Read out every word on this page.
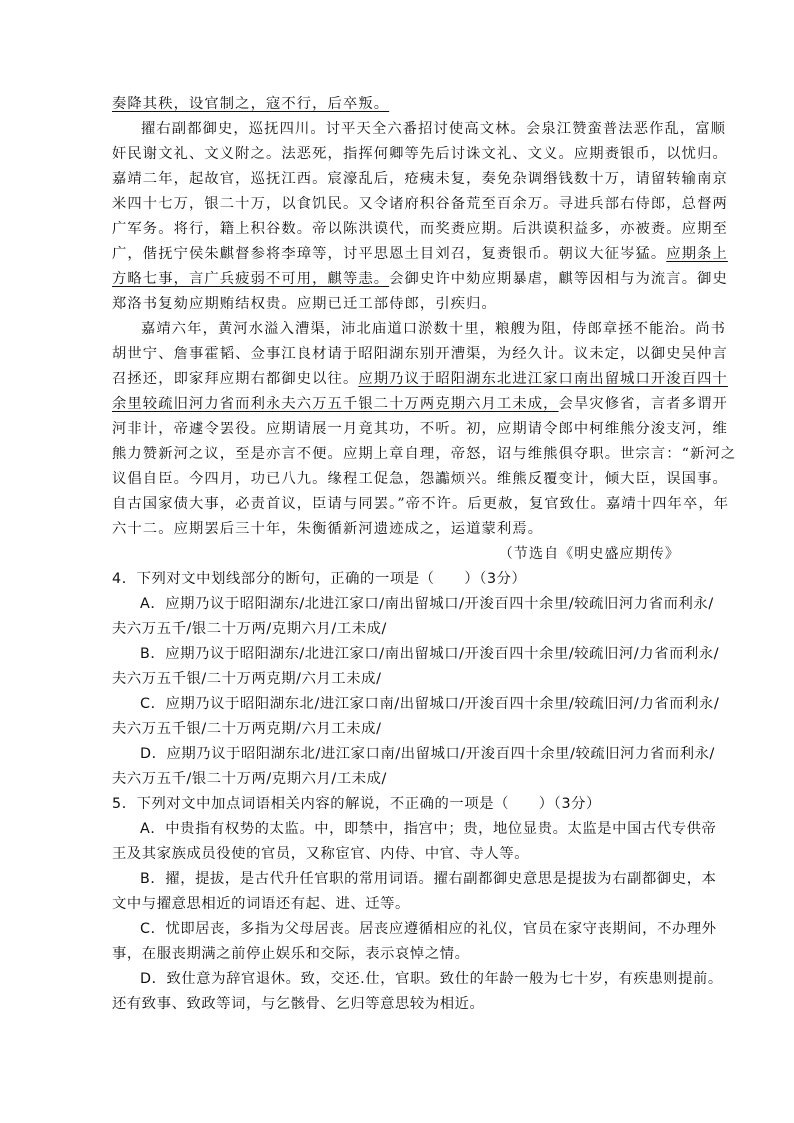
奏降其秩，设官制之，寇不行，后卒叛。
擢右副都御史，巡抚四川。讨平天全六番招讨使高文林。会泉江赞蛮普法恶作乱，富顺
奸民谢文礼、文义附之。法恶死，指挥何卿等先后讨诛文礼、文义。应期赉银币，以忧归。
嘉靖二年，起故官，巡抚江西。宸濠乱后，疮痍未复，奏免杂调缗钱数十万，请留转输南京
米四十七万，银二十万，以食饥民。又令诸府积谷备荒至百余万。寻进兵部右侍郎，总督两
广军务。将行，籍上积谷数。帝以陈洪谟代，而奖赉应期。后洪谟积益多，亦被赉。应期至
广，偕抚宁侯朱麒督参将李璋等，讨平思恩土目刘召，复赉银币。朝议大征岑猛。应期条上
方略七事，言广兵疲弱不可用，麒等恚。会御史许中劾应期暴虐，麒等因相与为流言。御史
郑洛书复劾应期贿结权贵。应期已迁工部侍郎，引疾归。
嘉靖六年，黄河水溢入漕渠，沛北庙道口淤数十里，粮艘为阻，侍郎章拯不能治。尚书
胡世宁、詹事霍韬、佥事江良材请于昭阳湖东别开漕渠，为经久计。议未定，以御史吴仲言
召拯还，即家拜应期右都御史以往。应期乃议于昭阳湖东北进江家口南出留城口开浚百四十
余里较疏旧河力省而利永夫六万五千银二十万两克期六月工未成，会旱灾修省，言者多谓开
河非计，帝遽令罢役。应期请展一月竟其功，不听。初，应期请令郎中柯维熊分浚支河，维
熊力赞新河之议，至是亦言不便。应期上章自理，帝怒，诏与维熊俱夺职。世宗言：“新河之
议倡自臣。今四月，功已八九。缘程工促急，怨讟烦兴。维熊反覆变计，倾大臣，误国事。
自古国家债大事，必责首议，臣请与同罢。”帝不许。后更赦，复官致仕。嘉靖十四年卒，年
六十二。应期罢后三十年，朱衡循新河遗迹成之，运道蒙利焉。
（节选自《明史盛应期传》
4．下列对文中划线部分的断句，正确的一项是（　　）（3分）
A．应期乃议于昭阳湖东/北进江家口/南出留城口/开浚百四十余里/较疏旧河力省而利永/
夫六万五千/银二十万两/克期六月/工未成/
B．应期乃议于昭阳湖东/北进江家口/南出留城口/开浚百四十余里/较疏旧河/力省而利永/
夫六万五千银/二十万两克期/六月工未成/
C．应期乃议于昭阳湖东北/进江家口南/出留城口/开浚百四十余里/较疏旧河/力省而利永/
夫六万五千银/二十万两克期/六月工未成/
D．应期乃议于昭阳湖东北/进江家口南/出留城口/开浚百四十余里/较疏旧河力省而利永/
夫六万五千/银二十万两/克期六月/工未成/
5．下列对文中加点词语相关内容的解说，不正确的一项是（　　）（3分）
A．中贵指有权势的太监。中，即禁中，指宫中；贵，地位显贵。太监是中国古代专供帝
王及其家族成员役使的官员，又称宦官、内侍、中官、寺人等。
B．擢，提拔，是古代升任官职的常用词语。擢右副都御史意思是提拔为右副都御史，本
文中与擢意思相近的词语还有起、进、迁等。
C．忧即居丧，多指为父母居丧。居丧应遵循相应的礼仪，官员在家守丧期间，不办理外
事，在服丧期满之前停止娱乐和交际，表示哀悼之情。
D．致仕意为辞官退休。致，交还.仕，官职。致仕的年龄一般为七十岁，有疾患则提前。
还有致事、致政等词，与乞骸骨、乞归等意思较为相近。
